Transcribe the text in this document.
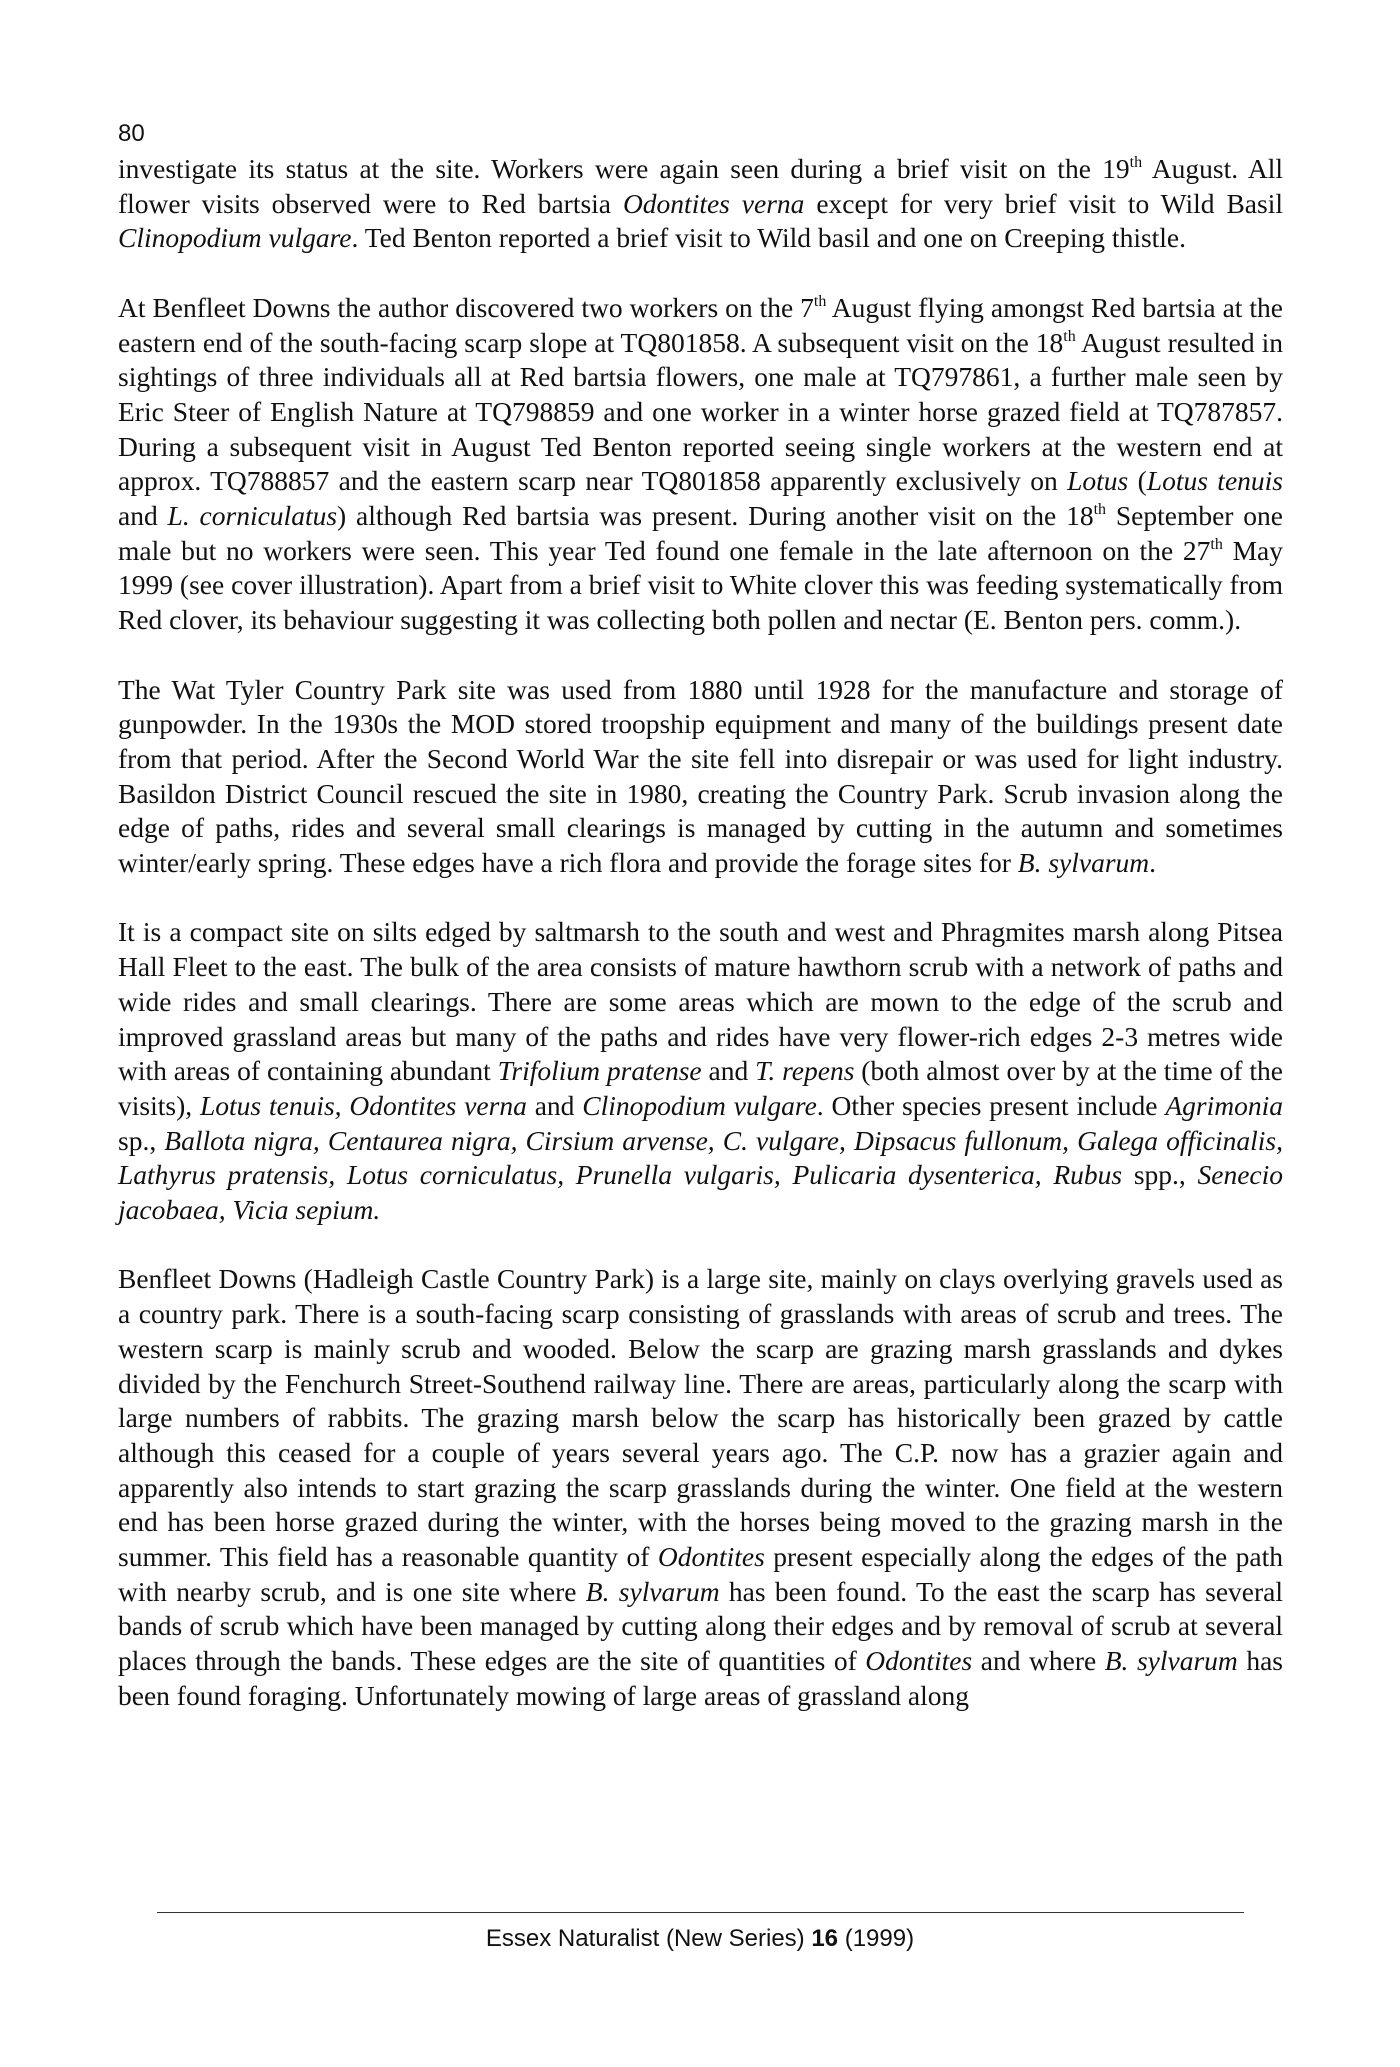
80

investigate its status at the site. Workers were again seen during a brief visit on the 19th August. All flower visits observed were to Red bartsia Odontites verna except for very brief visit to Wild Basil Clinopodium vulgare. Ted Benton reported a brief visit to Wild basil and one on Creeping thistle.

At Benfleet Downs the author discovered two workers on the 7th August flying amongst Red bartsia at the eastern end of the south-facing scarp slope at TQ801858. A subsequent visit on the 18th August resulted in sightings of three individuals all at Red bartsia flowers, one male at TQ797861, a further male seen by Eric Steer of English Nature at TQ798859 and one worker in a winter horse grazed field at TQ787857. During a subsequent visit in August Ted Benton reported seeing single workers at the western end at approx. TQ788857 and the eastern scarp near TQ801858 apparently exclusively on Lotus (Lotus tenuis and L. corniculatus) although Red bartsia was present. During another visit on the 18th September one male but no workers were seen. This year Ted found one female in the late afternoon on the 27th May 1999 (see cover illustration). Apart from a brief visit to White clover this was feeding systematically from Red clover, its behaviour suggesting it was collecting both pollen and nectar (E. Benton pers. comm.).

The Wat Tyler Country Park site was used from 1880 until 1928 for the manufacture and storage of gunpowder. In the 1930s the MOD stored troopship equipment and many of the buildings present date from that period. After the Second World War the site fell into disrepair or was used for light industry. Basildon District Council rescued the site in 1980, creating the Country Park. Scrub invasion along the edge of paths, rides and several small clearings is managed by cutting in the autumn and sometimes winter/early spring. These edges have a rich flora and provide the forage sites for B. sylvarum.

It is a compact site on silts edged by saltmarsh to the south and west and Phragmites marsh along Pitsea Hall Fleet to the east. The bulk of the area consists of mature hawthorn scrub with a network of paths and wide rides and small clearings. There are some areas which are mown to the edge of the scrub and improved grassland areas but many of the paths and rides have very flower-rich edges 2-3 metres wide with areas of containing abundant Trifolium pratense and T. repens (both almost over by at the time of the visits), Lotus tenuis, Odontites verna and Clinopodium vulgare. Other species present include Agrimonia sp., Ballota nigra, Centaurea nigra, Cirsium arvense, C. vulgare, Dipsacus fullonum, Galega officinalis, Lathyrus pratensis, Lotus corniculatus, Prunella vulgaris, Pulicaria dysenterica, Rubus spp., Senecio jacobaea, Vicia sepium.

Benfleet Downs (Hadleigh Castle Country Park) is a large site, mainly on clays overlying gravels used as a country park. There is a south-facing scarp consisting of grasslands with areas of scrub and trees. The western scarp is mainly scrub and wooded. Below the scarp are grazing marsh grasslands and dykes divided by the Fenchurch Street-Southend railway line. There are areas, particularly along the scarp with large numbers of rabbits. The grazing marsh below the scarp has historically been grazed by cattle although this ceased for a couple of years several years ago. The C.P. now has a grazier again and apparently also intends to start grazing the scarp grasslands during the winter. One field at the western end has been horse grazed during the winter, with the horses being moved to the grazing marsh in the summer. This field has a reasonable quantity of Odontites present especially along the edges of the path with nearby scrub, and is one site where B. sylvarum has been found. To the east the scarp has several bands of scrub which have been managed by cutting along their edges and by removal of scrub at several places through the bands. These edges are the site of quantities of Odontites and where B. sylvarum has been found foraging. Unfortunately mowing of large areas of grassland along

Essex Naturalist (New Series) 16 (1999)
